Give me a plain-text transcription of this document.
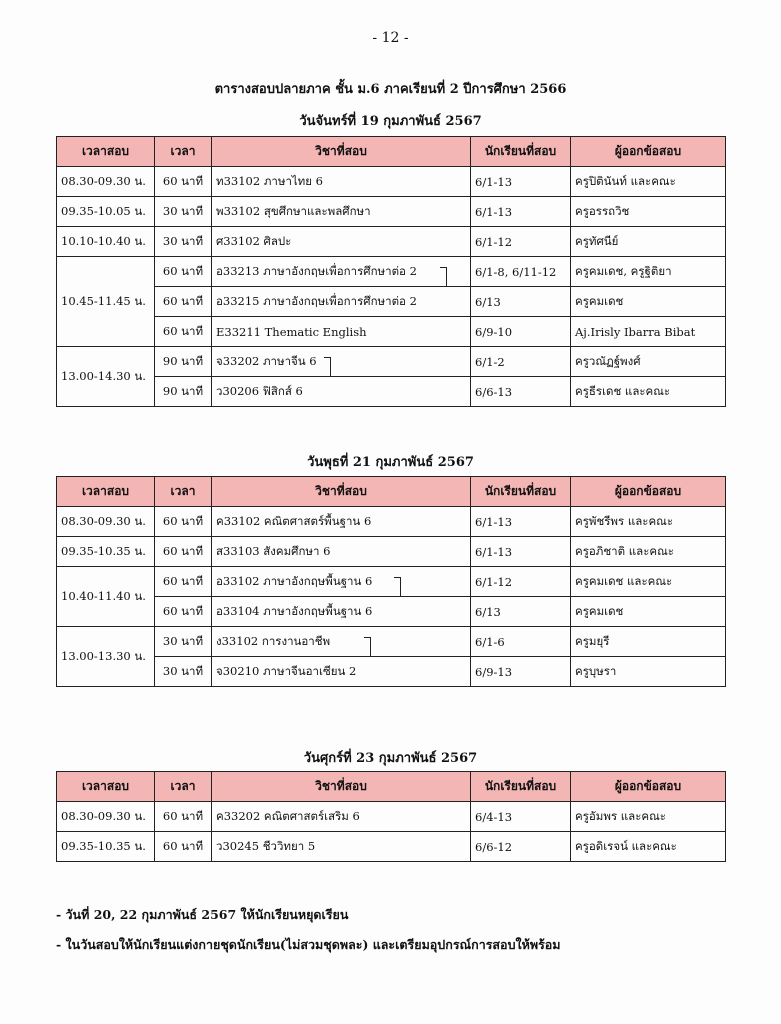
- 12 -
ตารางสอบปลายภาค ชั้น ม.6 ภาคเรียนที่ 2 ปีการศึกษา 2566
วันจันทร์ที่ 19 กุมภาพันธ์ 2567
เวลาสอบ	เวลา	วิชาที่สอบ	นักเรียนที่สอบ	ผู้ออกข้อสอบ
08.30-09.30 น.	60 นาที	ท33102 ภาษาไทย 6	6/1-13	ครูปิตินันท์ และคณะ
09.35-10.05 น.	30 นาที	พ33102 สุขศึกษาและพลศึกษา	6/1-13	ครูอรรถวิช
10.10-10.40 น.	30 นาที	ศ33102 ศิลปะ	6/1-12	ครูทัศนีย์
10.45-11.45 น.	60 นาที	อ33213 ภาษาอังกฤษเพื่อการศึกษาต่อ 2	6/1-8, 6/11-12	ครูคมเดช, ครูฐิติยา
	60 นาที	อ33215 ภาษาอังกฤษเพื่อการศึกษาต่อ 2	6/13	ครูคมเดช
	60 นาที	E33211 Thematic English	6/9-10	Aj.Irisly Ibarra Bibat
13.00-14.30 น.	90 นาที	จ33202 ภาษาจีน 6	6/1-2	ครูวณัฏฐ์พงศ์
	90 นาที	ว30206 ฟิสิกส์ 6	6/6-13	ครูธีรเดช และคณะ
วันพุธที่ 21 กุมภาพันธ์ 2567
เวลาสอบ	เวลา	วิชาที่สอบ	นักเรียนที่สอบ	ผู้ออกข้อสอบ
08.30-09.30 น.	60 นาที	ค33102 คณิตศาสตร์พื้นฐาน 6	6/1-13	ครูพัชรีพร และคณะ
09.35-10.35 น.	60 นาที	ส33103 สังคมศึกษา 6	6/1-13	ครูอภิชาติ และคณะ
10.40-11.40 น.	60 นาที	อ33102 ภาษาอังกฤษพื้นฐาน 6	6/1-12	ครูคมเดช และคณะ
	60 นาที	อ33104 ภาษาอังกฤษพื้นฐาน 6	6/13	ครูคมเดช
13.00-13.30 น.	30 นาที	ง33102 การงานอาชีพ	6/1-6	ครูมยุรี
	30 นาที	จ30210 ภาษาจีนอาเซียน 2	6/9-13	ครูบุษรา
วันศุกร์ที่ 23 กุมภาพันธ์ 2567
เวลาสอบ	เวลา	วิชาที่สอบ	นักเรียนที่สอบ	ผู้ออกข้อสอบ
08.30-09.30 น.	60 นาที	ค33202 คณิตศาสตร์เสริม 6	6/4-13	ครูอัมพร และคณะ
09.35-10.35 น.	60 นาที	ว30245 ชีววิทยา 5	6/6-12	ครูอดิเรจน์ และคณะ
- วันที่ 20, 22 กุมภาพันธ์ 2567 ให้นักเรียนหยุดเรียน
- ในวันสอบให้นักเรียนแต่งกายชุดนักเรียน(ไม่สวมชุดพละ) และเตรียมอุปกรณ์การสอบให้พร้อม
